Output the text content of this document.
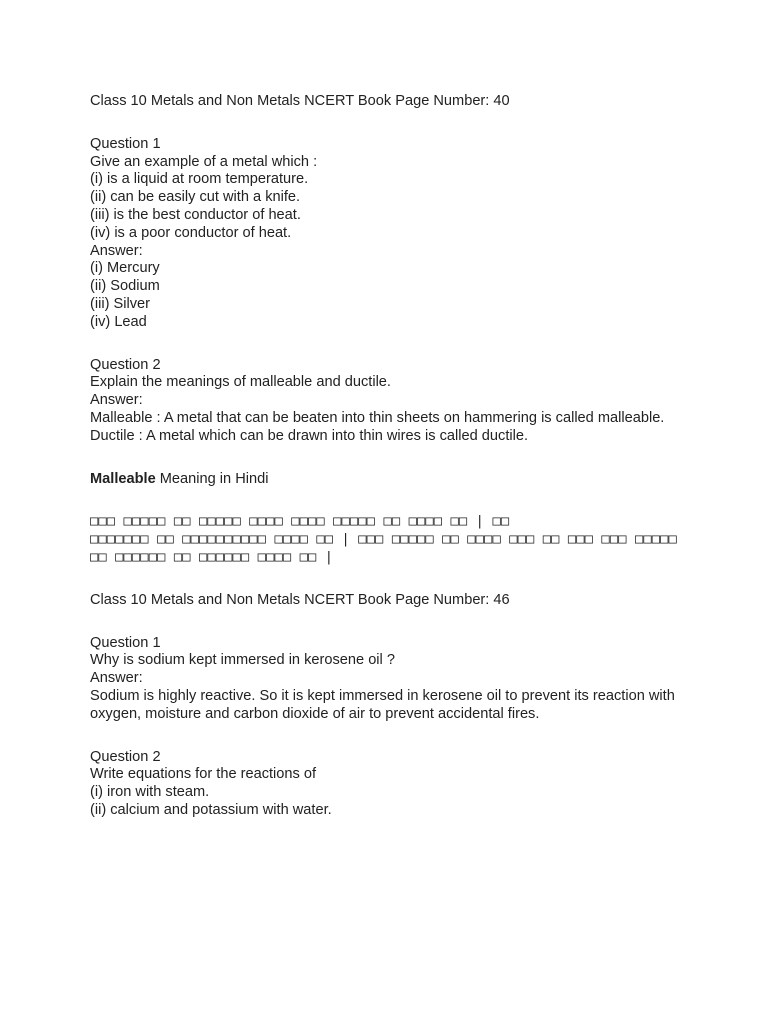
Class 10 Metals and Non Metals NCERT Book Page Number: 40

Question 1
Give an example of a metal which :
(i) is a liquid at room temperature.
(ii) can be easily cut with a knife.
(iii) is the best conductor of heat.
(iv) is a poor conductor of heat.
Answer:
(i) Mercury
(ii) Sodium
(iii) Silver
(iv) Lead

Question 2
Explain the meanings of malleable and ductile.
Answer:
Malleable : A metal that can be beaten into thin sheets on hammering is called malleable.
Ductile : A metal which can be drawn into thin wires is called ductile.

Malleable Meaning in Hindi

□□□ □□□□□ □□ □□□□□ □□□□ □□□□ □□□□□ □□ □□□□ □□ | □□
□□□□□□□ □□ □□□□□□□□□□ □□□□ □□ | □□□ □□□□□ □□ □□□□ □□□ □□ □□□ □□□ □□□□□ □□ □□□□□□ □□ □□□□□□ □□□□ □□ |

Class 10 Metals and Non Metals NCERT Book Page Number: 46

Question 1
Why is sodium kept immersed in kerosene oil ?
Answer:
Sodium is highly reactive. So it is kept immersed in kerosene oil to prevent its reaction with oxygen, moisture and carbon dioxide of air to prevent accidental fires.

Question 2
Write equations for the reactions of
(i) iron with steam.
(ii) calcium and potassium with water.
